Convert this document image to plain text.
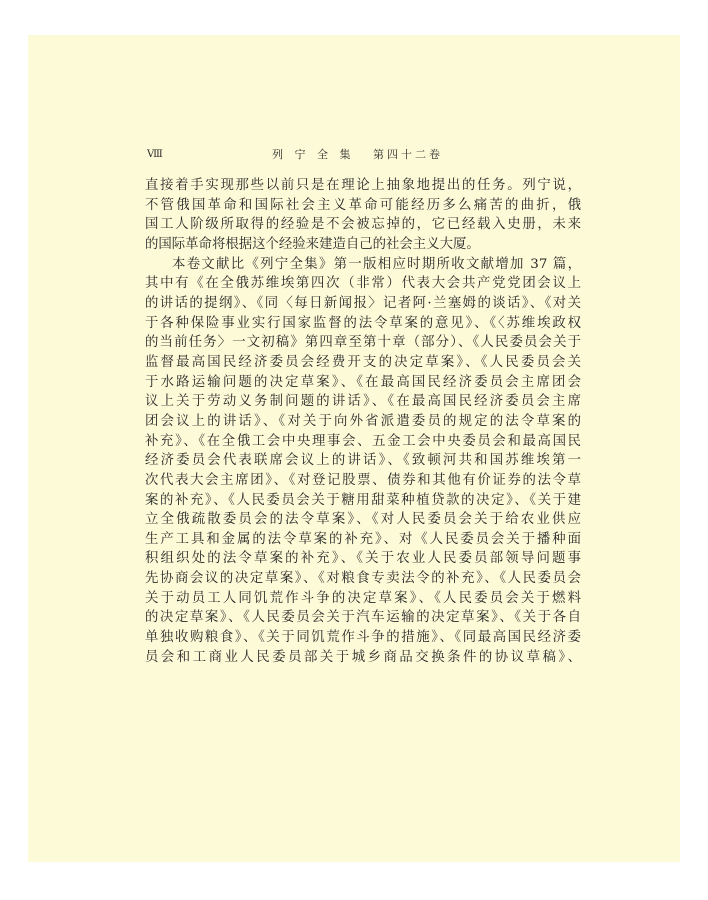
Ⅷ	列 宁 全 集 第四十二卷
直接着手实现那些以前只是在理论上抽象地提出的任务。列宁说，
不管俄国革命和国际社会主义革命可能经历多么痛苦的曲折，俄
国工人阶级所取得的经验是不会被忘掉的，它已经载入史册，未来
的国际革命将根据这个经验来建造自己的社会主义大厦。
本卷文献比《列宁全集》第一版相应时期所收文献增加 37 篇，
其中有《在全俄苏维埃第四次（非常）代表大会共产党党团会议上
的讲话的提纲》、《同〈每日新闻报〉记者阿·兰塞姆的谈话》、《对关
于各种保险事业实行国家监督的法令草案的意见》、《〈苏维埃政权
的当前任务〉一文初稿》第四章至第十章（部分）、《人民委员会关于
监督最高国民经济委员会经费开支的决定草案》、《人民委员会关
于水路运输问题的决定草案》、《在最高国民经济委员会主席团会
议上关于劳动义务制问题的讲话》、《在最高国民经济委员会主席
团会议上的讲话》、《对关于向外省派遣委员的规定的法令草案的
补充》、《在全俄工会中央理事会、五金工会中央委员会和最高国民
经济委员会代表联席会议上的讲话》、《致顿河共和国苏维埃第一
次代表大会主席团》、《对登记股票、债券和其他有价证券的法令草
案的补充》、《人民委员会关于糖用甜菜种植贷款的决定》、《关于建
立全俄疏散委员会的法令草案》、《对人民委员会关于给农业供应
生产工具和金属的法令草案的补充》、对《人民委员会关于播种面
积组织处的法令草案的补充》、《关于农业人民委员部领导问题事
先协商会议的决定草案》、《对粮食专卖法令的补充》、《人民委员会
关于动员工人同饥荒作斗争的决定草案》、《人民委员会关于燃料
的决定草案》、《人民委员会关于汽车运输的决定草案》、《关于各自
单独收购粮食》、《关于同饥荒作斗争的措施》、《同最高国民经济委
员会和工商业人民委员部关于城乡商品交换条件的协议草稿》、
